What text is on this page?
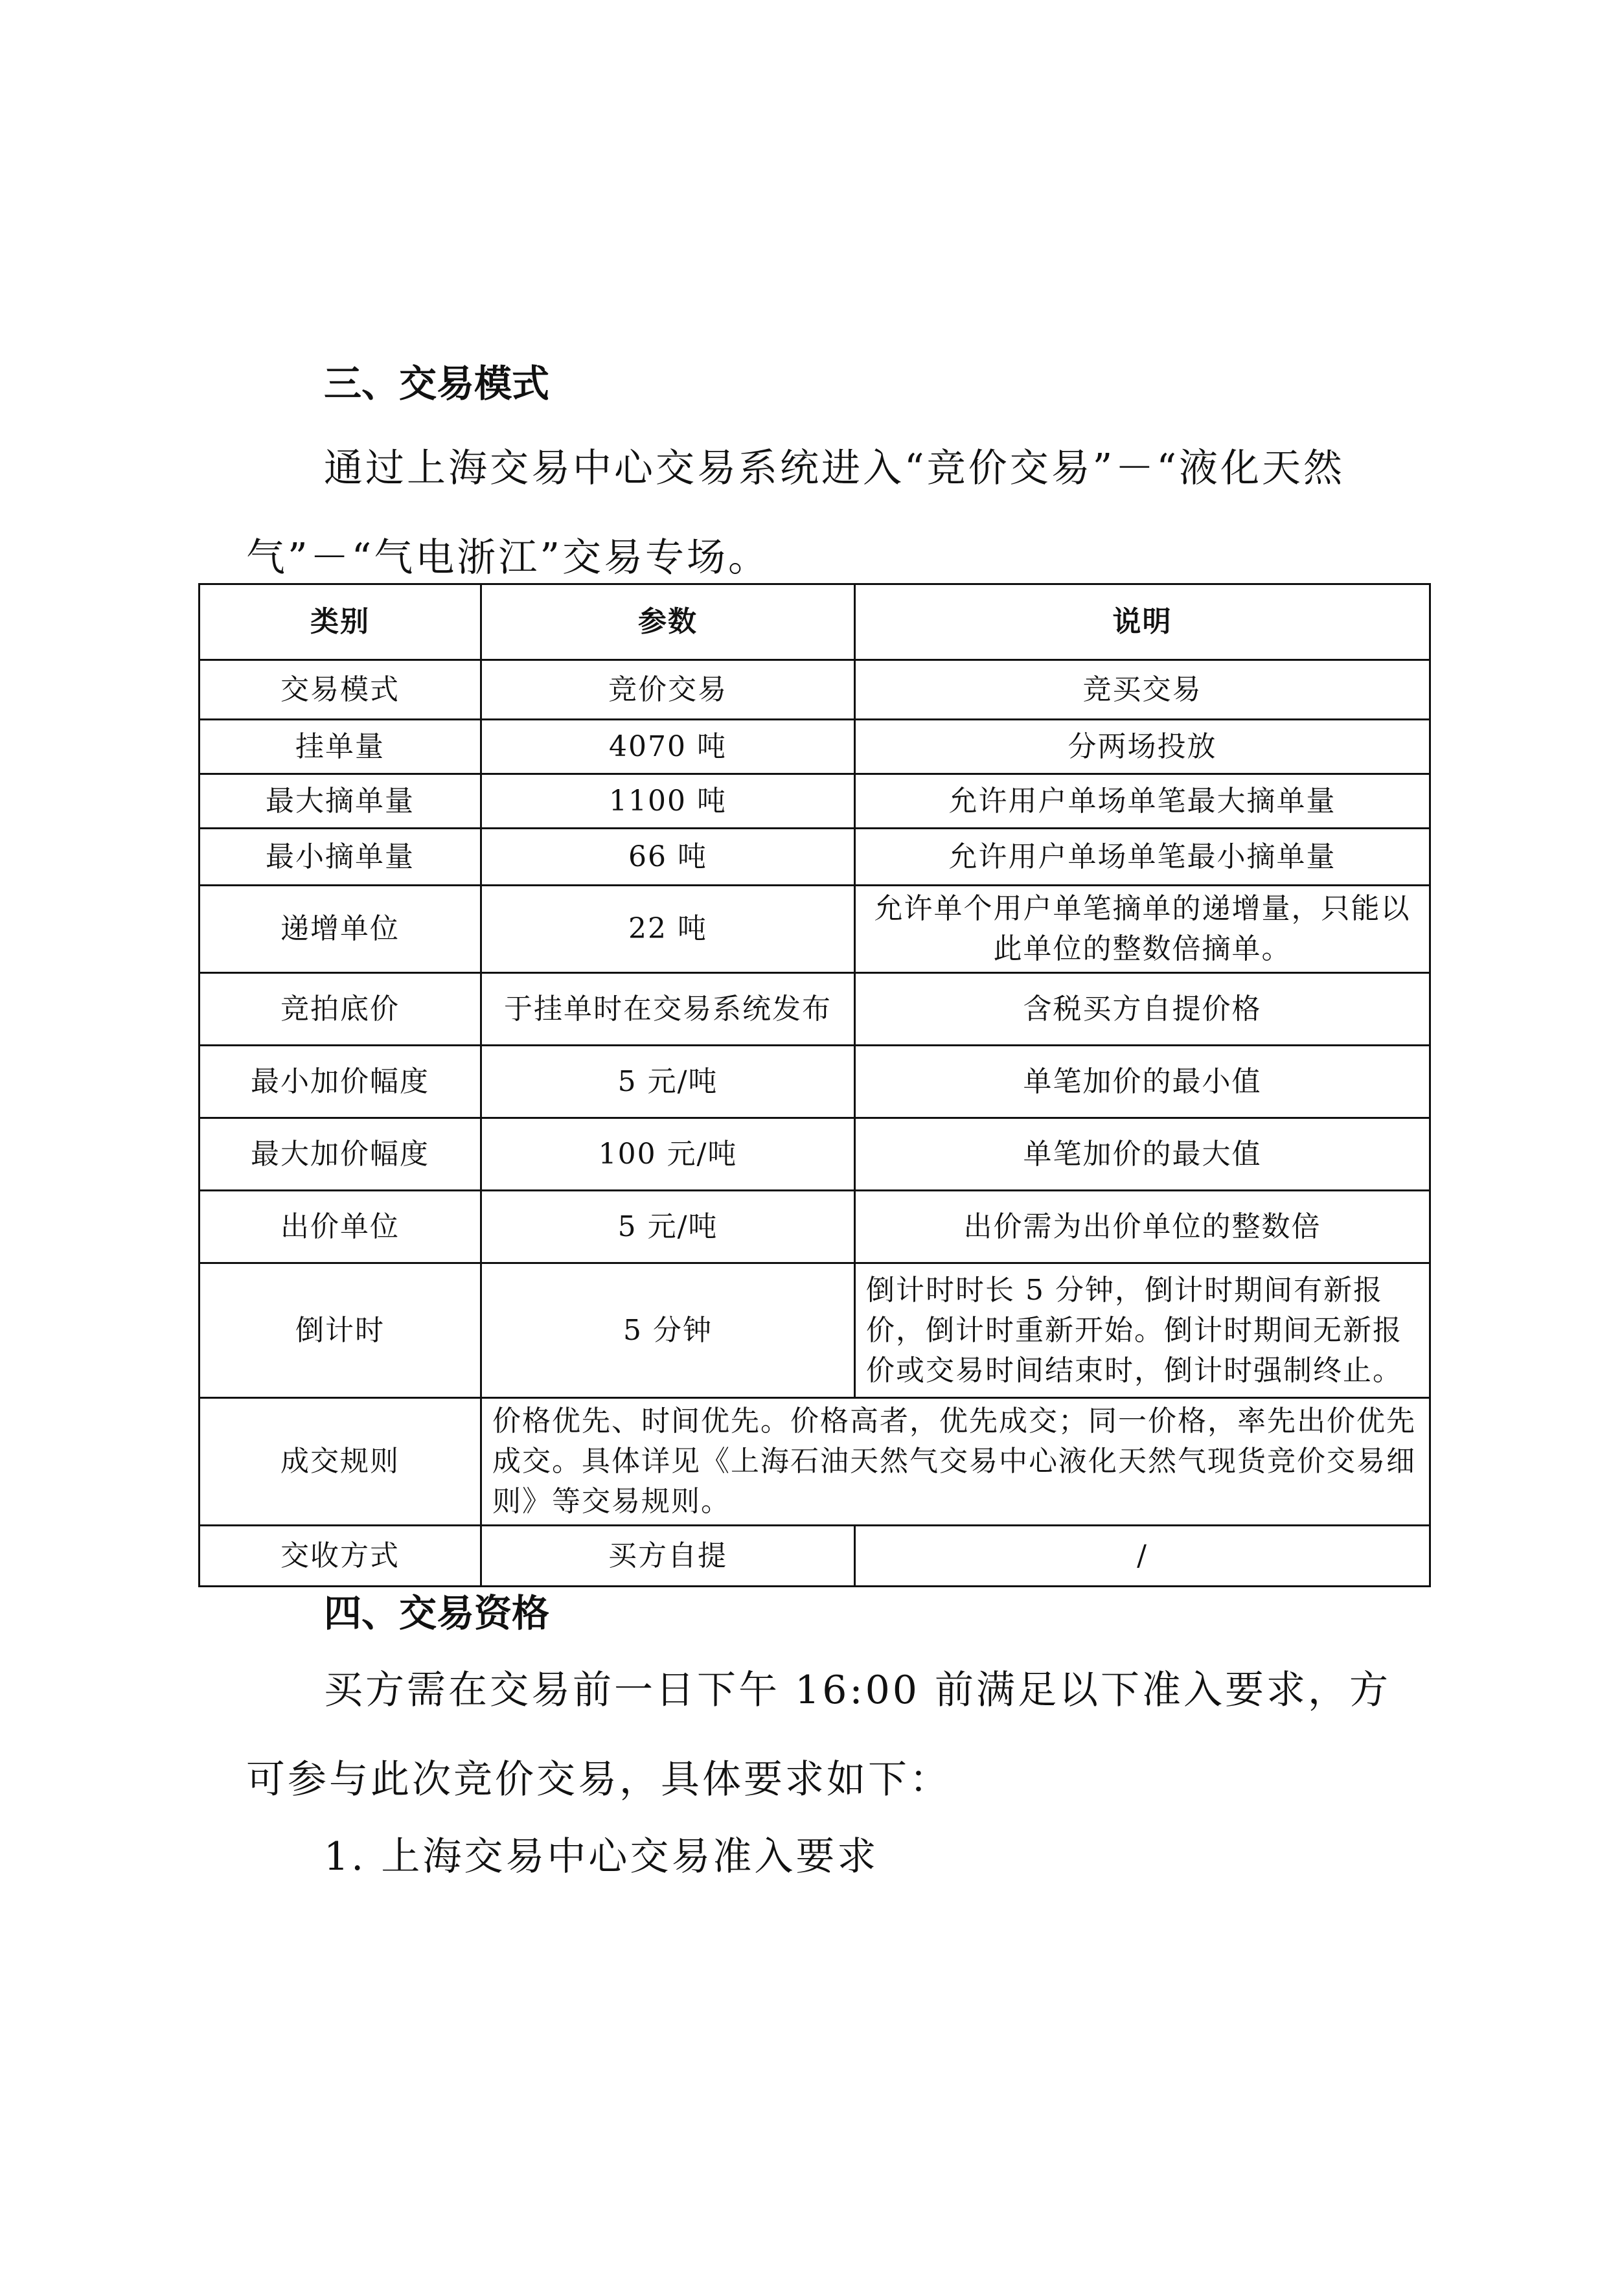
三、交易模式

通过上海交易中心交易系统进入“竞价交易”－“液化天然气”－“气电浙江”交易专场。

类别	参数	说明
交易模式	竞价交易	竞买交易
挂单量	4070 吨	分两场投放
最大摘单量	1100 吨	允许用户单场单笔最大摘单量
最小摘单量	66 吨	允许用户单场单笔最小摘单量
递增单位	22 吨	允许单个用户单笔摘单的递增量，只能以此单位的整数倍摘单。
竞拍底价	于挂单时在交易系统发布	含税买方自提价格
最小加价幅度	5 元/吨	单笔加价的最小值
最大加价幅度	100 元/吨	单笔加价的最大值
出价单位	5 元/吨	出价需为出价单位的整数倍
倒计时	5 分钟	倒计时时长 5 分钟，倒计时期间有新报价，倒计时重新开始。倒计时期间无新报价或交易时间结束时，倒计时强制终止。
成交规则	价格优先、时间优先。价格高者，优先成交；同一价格，率先出价优先成交。具体详见《上海石油天然气交易中心液化天然气现货竞价交易细则》等交易规则。	
交收方式	买方自提	/
四、交易资格

买方需在交易前一日下午 16:00 前满足以下准入要求，方可参与此次竞价交易，具体要求如下：

1. 上海交易中心交易准入要求
